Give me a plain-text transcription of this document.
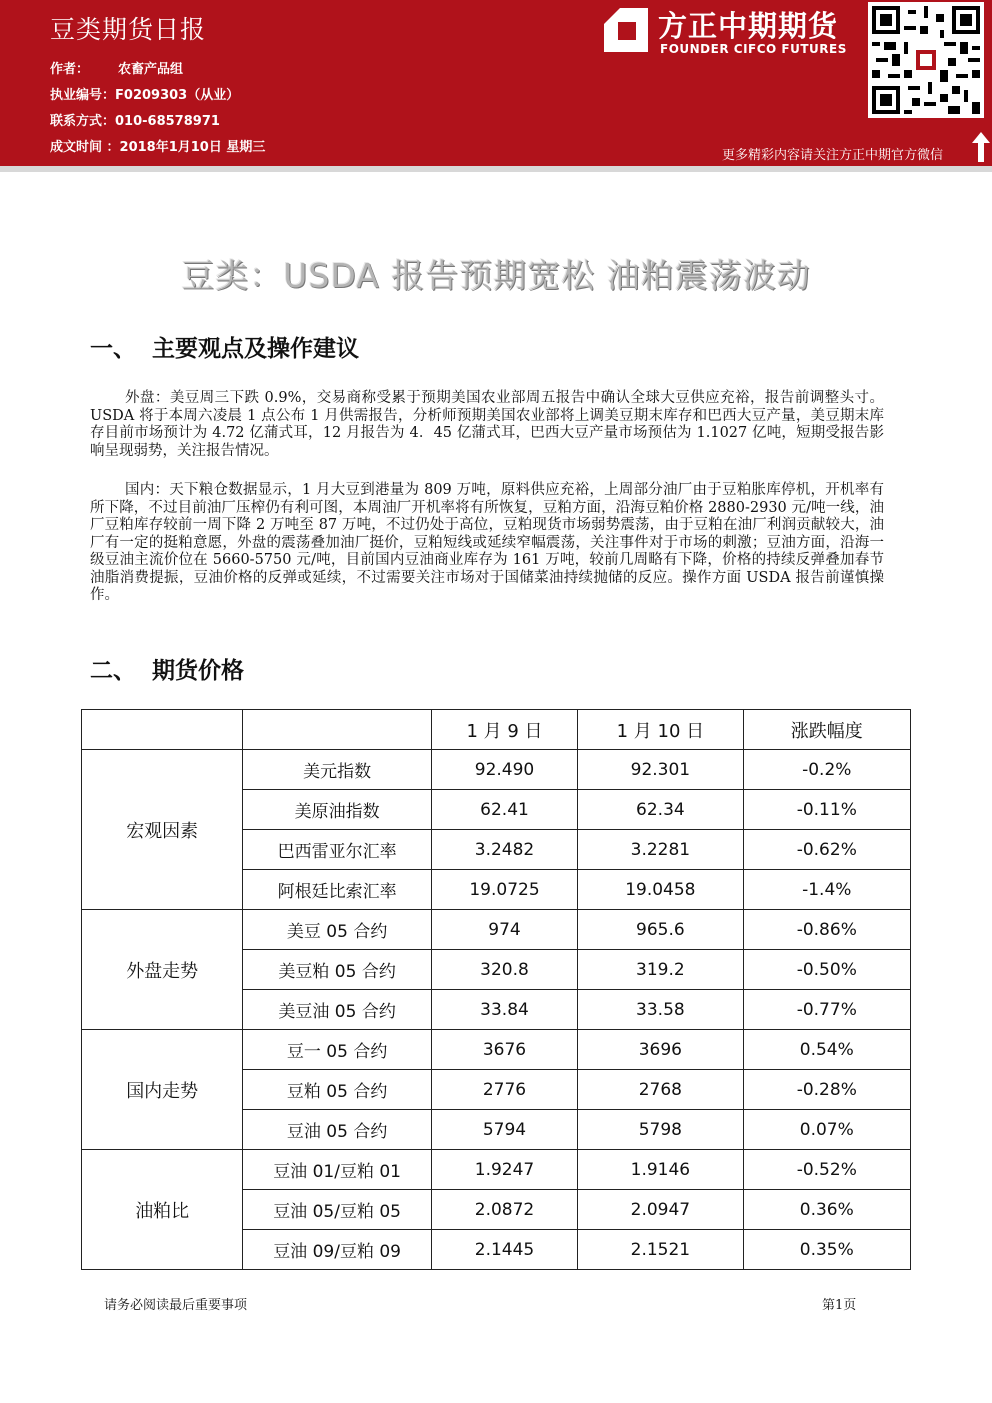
豆类期货日报
作者： 农畜产品组
执业编号：F0209303（从业）
联系方式：010-68578971
成文时间 ：2018年1月10日 星期三
方正中期期货
FOUNDER CIFCO FUTURES
更多精彩内容请关注方正中期官方微信
豆类：USDA 报告预期宽松 油粕震荡波动
一、 主要观点及操作建议
外盘：美豆周三下跌 0.9%，交易商称受累于预期美国农业部周五报告中确认全球大豆供应充裕，报告前调整头寸。USDA 将于本周六凌晨 1 点公布 1 月供需报告，分析师预期美国农业部将上调美豆期末库存和巴西大豆产量，美豆期末库存目前市场预计为 4.72 亿蒲式耳，12 月报告为 4．45 亿蒲式耳，巴西大豆产量市场预估为 1.1027 亿吨，短期受报告影响呈现弱势，关注报告情况。
国内：天下粮仓数据显示，1 月大豆到港量为 809 万吨，原料供应充裕，上周部分油厂由于豆粕胀库停机，开机率有所下降，不过目前油厂压榨仍有利可图，本周油厂开机率将有所恢复，豆粕方面，沿海豆粕价格 2880-2930 元/吨一线，油厂豆粕库存较前一周下降 2 万吨至 87 万吨，不过仍处于高位，豆粕现货市场弱势震荡，由于豆粕在油厂利润贡献较大，油厂有一定的挺粕意愿，外盘的震荡叠加油厂挺价，豆粕短线或延续窄幅震荡，关注事件对于市场的刺激；豆油方面，沿海一级豆油主流价位在 5660-5750 元/吨，目前国内豆油商业库存为 161 万吨，较前几周略有下降，价格的持续反弹叠加春节油脂消费提振，豆油价格的反弹或延续，不过需要关注市场对于国储菜油持续抛储的反应。操作方面 USDA 报告前谨慎操作。
二、 期货价格
		1 月 9 日	1 月 10 日	涨跌幅度
宏观因素	美元指数	92.490	92.301	-0.2%
	美原油指数	62.41	62.34	-0.11%
	巴西雷亚尔汇率	3.2482	3.2281	-0.62%
	阿根廷比索汇率	19.0725	19.0458	-1.4%
外盘走势	美豆 05 合约	974	965.6	-0.86%
	美豆粕 05 合约	320.8	319.2	-0.50%
	美豆油 05 合约	33.84	33.58	-0.77%
国内走势	豆一 05 合约	3676	3696	0.54%
	豆粕 05 合约	2776	2768	-0.28%
	豆油 05 合约	5794	5798	0.07%
油粕比	豆油 01/豆粕 01	1.9247	1.9146	-0.52%
	豆油 05/豆粕 05	2.0872	2.0947	0.36%
	豆油 09/豆粕 09	2.1445	2.1521	0.35%
请务必阅读最后重要事项	第1页
